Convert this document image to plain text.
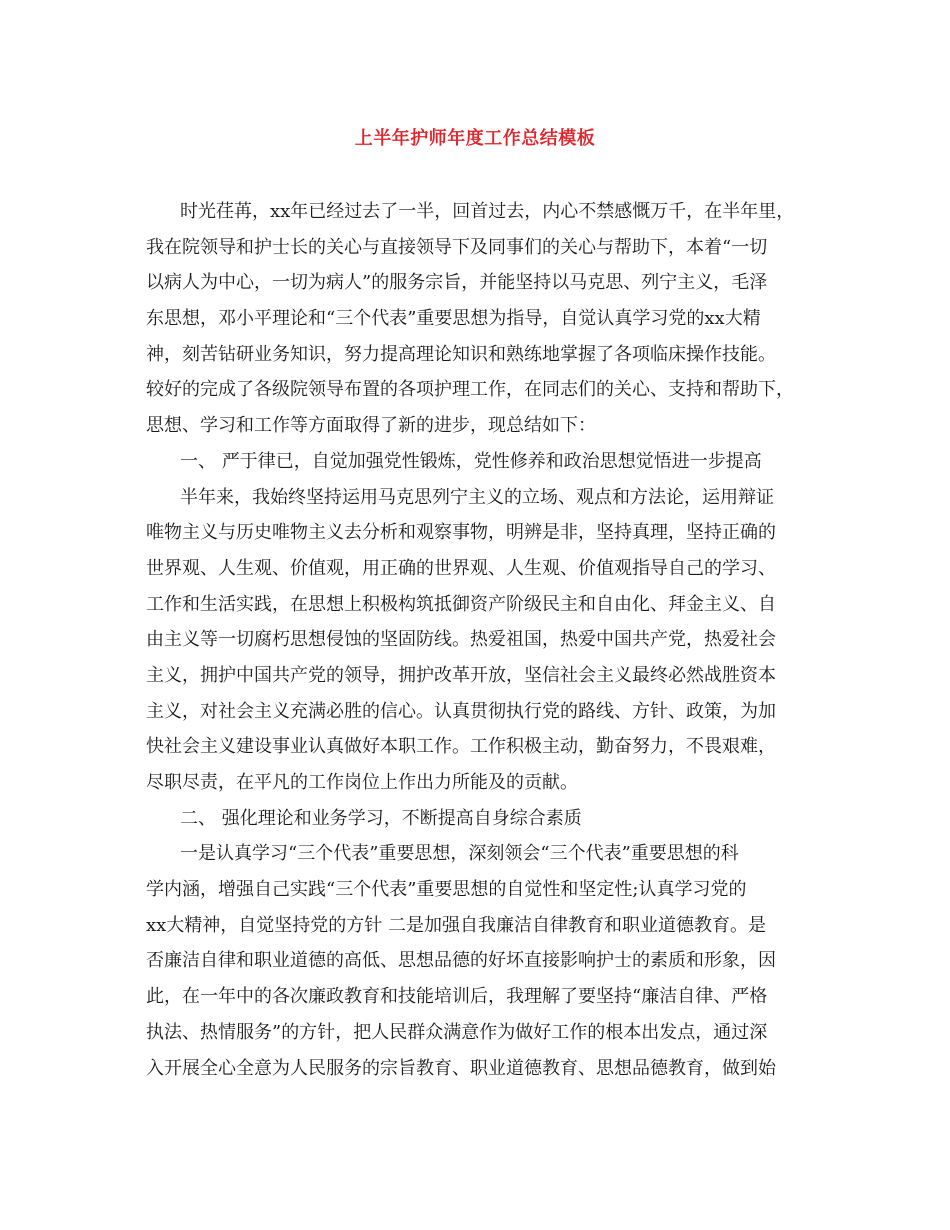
上半年护师年度工作总结模板
时光荏苒，xx年已经过去了一半，回首过去，内心不禁感慨万千，在半年里，
我在院领导和护士长的关心与直接领导下及同事们的关心与帮助下，本着“一切
以病人为中心，一切为病人”的服务宗旨，并能坚持以马克思、列宁主义，毛泽
东思想，邓小平理论和“三个代表”重要思想为指导，自觉认真学习党的xx大精
神，刻苦钻研业务知识，努力提高理论知识和熟练地掌握了各项临床操作技能。
较好的完成了各级院领导布置的各项护理工作，在同志们的关心、支持和帮助下，
思想、学习和工作等方面取得了新的进步，现总结如下：
一、 严于律已，自觉加强党性锻炼，党性修养和政治思想觉悟进一步提高
半年来，我始终坚持运用马克思列宁主义的立场、观点和方法论，运用辩证
唯物主义与历史唯物主义去分析和观察事物，明辨是非，坚持真理，坚持正确的
世界观、人生观、价值观，用正确的世界观、人生观、价值观指导自己的学习、
工作和生活实践，在思想上积极构筑抵御资产阶级民主和自由化、拜金主义、自
由主义等一切腐朽思想侵蚀的坚固防线。热爱祖国，热爱中国共产党，热爱社会
主义，拥护中国共产党的领导，拥护改革开放，坚信社会主义最终必然战胜资本
主义，对社会主义充满必胜的信心。认真贯彻执行党的路线、方针、政策，为加
快社会主义建设事业认真做好本职工作。工作积极主动，勤奋努力，不畏艰难，
尽职尽责，在平凡的工作岗位上作出力所能及的贡献。
二、 强化理论和业务学习，不断提高自身综合素质
一是认真学习“三个代表”重要思想，深刻领会“三个代表”重要思想的科
学内涵，增强自己实践“三个代表”重要思想的自觉性和坚定性;认真学习党的
xx大精神，自觉坚持党的方针 二是加强自我廉洁自律教育和职业道德教育。是
否廉洁自律和职业道德的高低、思想品德的好坏直接影响护士的素质和形象，因
此，在一年中的各次廉政教育和技能培训后，我理解了要坚持“廉洁自律、严格
执法、热情服务”的方针，把人民群众满意作为做好工作的根本出发点，通过深
入开展全心全意为人民服务的宗旨教育、职业道德教育、思想品德教育，做到始
